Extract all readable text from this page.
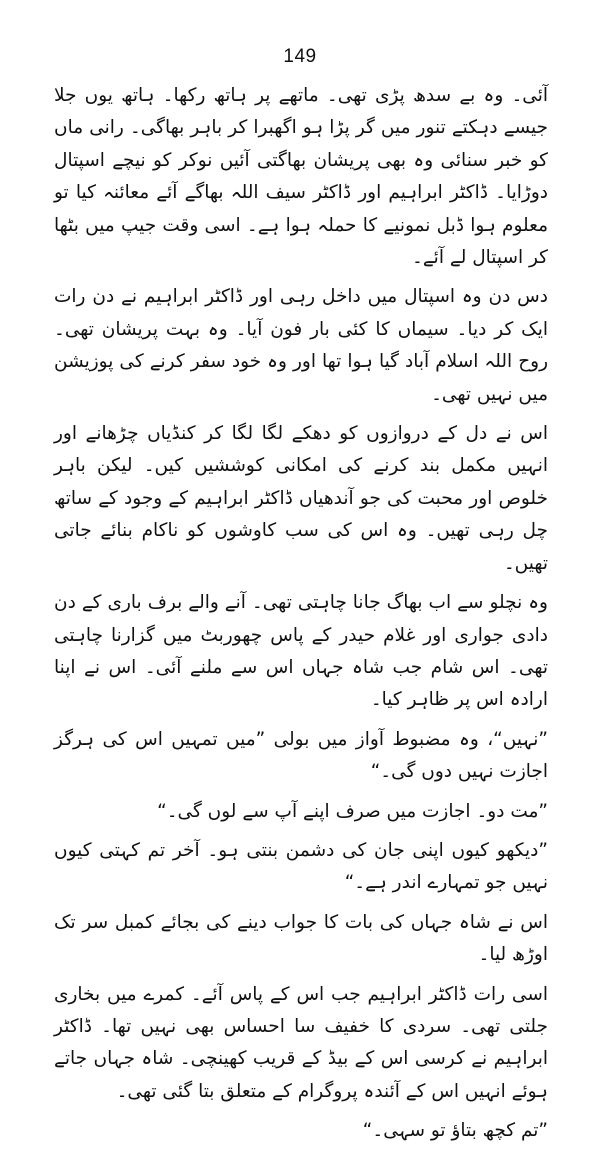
149

آئی۔ وہ بے سدھ پڑی تھی۔ ماتھے پر ہاتھ رکھا۔ ہاتھ یوں جلا جیسے دہکتے تنور میں گر پڑا ہو اگھبرا کر باہر بھاگی۔ رانی ماں کو خبر سنائی وہ بھی پریشان بھاگتی آئیں نوکر کو نیچے اسپتال دوڑایا۔ ڈاکٹر ابراہیم اور ڈاکٹر سیف اللہ بھاگے آئے معائنہ کیا تو معلوم ہوا ڈبل نمونیے کا حملہ ہوا ہے۔ اسی وقت جیپ میں بٹھا کر اسپتال لے آئے۔

دس دن وہ اسپتال میں داخل رہی اور ڈاکٹر ابراہیم نے دن رات ایک کر دیا۔ سیماں کا کئی بار فون آیا۔ وہ بہت پریشان تھی۔ روح اللہ اسلام آباد گیا ہوا تھا اور وہ خود سفر کرنے کی پوزیشن میں نہیں تھی۔

اس نے دل کے دروازوں کو دھکے لگا لگا کر کنڈیاں چڑھانے اور انہیں مکمل بند کرنے کی امکانی کوششیں کیں۔ لیکن باہر خلوص اور محبت کی جو آندھیاں ڈاکٹر ابراہیم کے وجود کے ساتھ چل رہی تھیں۔ وہ اس کی سب کاوشوں کو ناکام بنائے جاتی تھیں۔

وہ نچلو سے اب بھاگ جانا چاہتی تھی۔ آنے والے برف باری کے دن دادی جواری اور غلام حیدر کے پاس چھوربٹ میں گزارنا چاہتی تھی۔ اس شام جب شاہ جہاں اس سے ملنے آئی۔ اس نے اپنا ارادہ اس پر ظاہر کیا۔

”نہیں“، وہ مضبوط آواز میں بولی ”میں تمہیں اس کی ہرگز اجازت نہیں دوں گی۔“

”مت دو۔ اجازت میں صرف اپنے آپ سے لوں گی۔“

”دیکھو کیوں اپنی جان کی دشمن بنتی ہو۔ آخر تم کہتی کیوں نہیں جو تمہارے اندر ہے۔“

اس نے شاہ جہاں کی بات کا جواب دینے کی بجائے کمبل سر تک اوڑھ لیا۔

اسی رات ڈاکٹر ابراہیم جب اس کے پاس آئے۔ کمرے میں بخاری جلتی تھی۔ سردی کا خفیف سا احساس بھی نہیں تھا۔ ڈاکٹر ابراہیم نے کرسی اس کے بیڈ کے قریب کھینچی۔ شاہ جہاں جاتے ہوئے انہیں اس کے آئندہ پروگرام کے متعلق بتا گئی تھی۔

”تم کچھ بتاؤ تو سہی۔“
